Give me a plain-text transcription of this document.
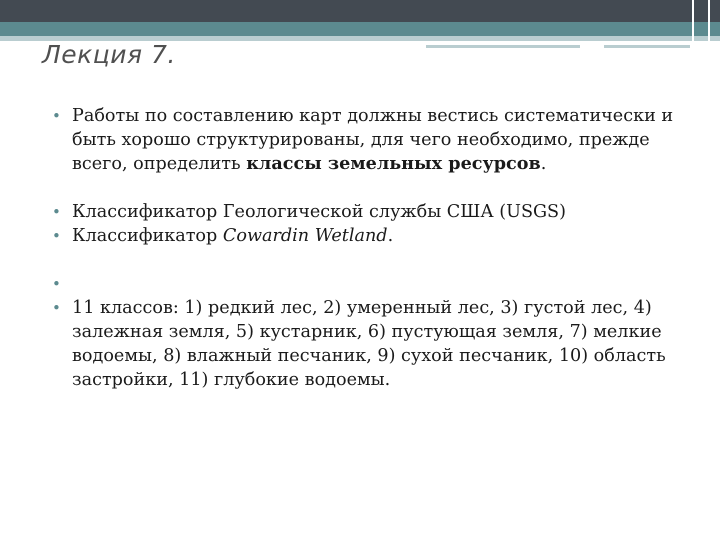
Лекция 7.
• Работы по составлению карт должны вестись систематически и быть хорошо структурированы, для чего необходимо, прежде всего, определить классы земельных ресурсов.
• Классификатор Геологической службы США (USGS)
• Классификатор Cowardin Wetland.
•
• 11 классов: 1) редкий лес, 2) умеренный лес, 3) густой лес, 4) залежная земля, 5) кустарник, 6) пустующая земля, 7) мелкие водоемы, 8) влажный песчаник, 9) сухой песчаник, 10) область застройки, 11) глубокие водоемы.
